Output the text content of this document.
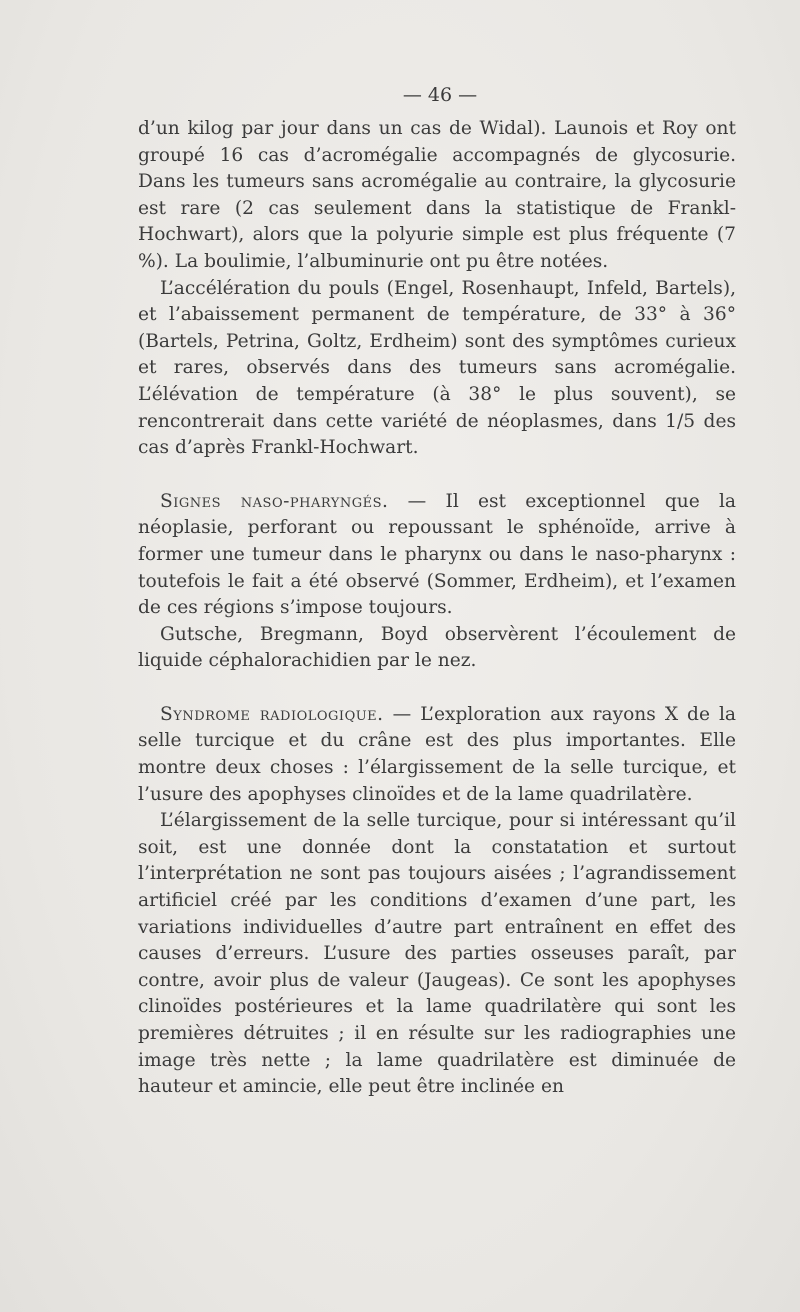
— 46 —

d’un kilog par jour dans un cas de Widal). Launois et Roy ont groupé 16 cas d’acromégalie accompagnés de glycosurie. Dans les tumeurs sans acromégalie au contraire, la glycosurie est rare (2 cas seulement dans la statistique de Frankl-Hochwart), alors que la polyurie simple est plus fréquente (7 %). La boulimie, l’albuminurie ont pu être notées.

L’accélération du pouls (Engel, Rosenhaupt, Infeld, Bartels), et l’abaissement permanent de température, de 33° à 36° (Bartels, Petrina, Goltz, Erdheim) sont des symptômes curieux et rares, observés dans des tumeurs sans acromégalie. L’élévation de température (à 38° le plus souvent), se rencontrerait dans cette variété de néoplasmes, dans 1/5 des cas d’après Frankl-Hochwart.

Signes naso-pharyngés. — Il est exceptionnel que la néoplasie, perforant ou repoussant le sphénoïde, arrive à former une tumeur dans le pharynx ou dans le naso-pharynx : toutefois le fait a été observé (Sommer, Erdheim), et l’examen de ces régions s’impose toujours.

Gutsche, Bregmann, Boyd observèrent l’écoulement de liquide céphalorachidien par le nez.

Syndrome radiologique. — L’exploration aux rayons X de la selle turcique et du crâne est des plus importantes. Elle montre deux choses : l’élargissement de la selle turcique, et l’usure des apophyses clinoïdes et de la lame quadrilatère.

L’élargissement de la selle turcique, pour si intéressant qu’il soit, est une donnée dont la constatation et surtout l’interprétation ne sont pas toujours aisées ; l’agrandissement artificiel créé par les conditions d’examen d’une part, les variations individuelles d’autre part entraînent en effet des causes d’erreurs. L’usure des parties osseuses paraît, par contre, avoir plus de valeur (Jaugeas). Ce sont les apophyses clinoïdes postérieures et la lame quadrilatère qui sont les premières détruites ; il en résulte sur les radiographies une image très nette ; la lame quadrilatère est diminuée de hauteur et amincie, elle peut être inclinée en
